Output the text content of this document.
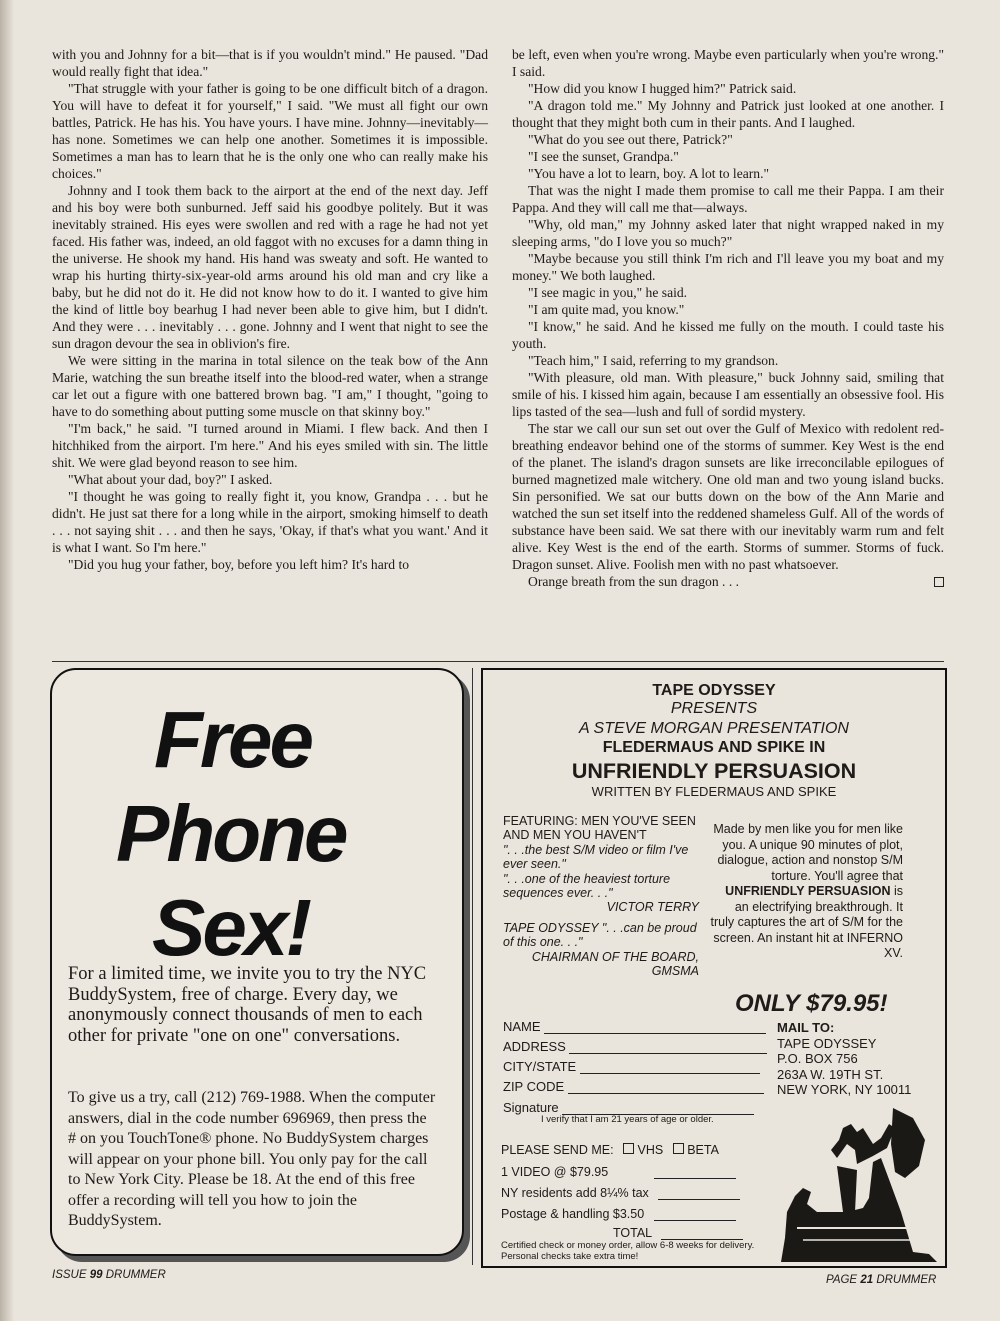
with you and Johnny for a bit—that is if you wouldn't mind." He paused. "Dad would really fight that idea."

"That struggle with your father is going to be one difficult bitch of a dragon. You will have to defeat it for yourself," I said. "We must all fight our own battles, Patrick. He has his. You have yours. I have mine. Johnny—inevitably—has none. Sometimes we can help one another. Sometimes it is impossible. Sometimes a man has to learn that he is the only one who can really make his choices."

Johnny and I took them back to the airport at the end of the next day. Jeff and his boy were both sunburned. Jeff said his goodbye politely. But it was inevitably strained. His eyes were swollen and red with a rage he had not yet faced. His father was, indeed, an old faggot with no excuses for a damn thing in the universe. He shook my hand. His hand was sweaty and soft. He wanted to wrap his hurting thirty-six-year-old arms around his old man and cry like a baby, but he did not do it. He did not know how to do it. I wanted to give him the kind of little boy bearhug I had never been able to give him, but I didn't. And they were . . . inevitably . . . gone. Johnny and I went that night to see the sun dragon devour the sea in oblivion's fire.

We were sitting in the marina in total silence on the teak bow of the Ann Marie, watching the sun breathe itself into the blood-red water, when a strange car let out a figure with one battered brown bag. "I am," I thought, "going to have to do something about putting some muscle on that skinny boy."

"I'm back," he said. "I turned around in Miami. I flew back. And then I hitchhiked from the airport. I'm here." And his eyes smiled with sin. The little shit. We were glad beyond reason to see him.

"What about your dad, boy?" I asked.

"I thought he was going to really fight it, you know, Grandpa . . . but he didn't. He just sat there for a long while in the airport, smoking himself to death . . . not saying shit . . . and then he says, 'Okay, if that's what you want.' And it is what I want. So I'm here."

"Did you hug your father, boy, before you left him? It's hard to

be left, even when you're wrong. Maybe even particularly when you're wrong." I said.

"How did you know I hugged him?" Patrick said.

"A dragon told me." My Johnny and Patrick just looked at one another. I thought that they might both cum in their pants. And I laughed.

"What do you see out there, Patrick?"

"I see the sunset, Grandpa."

"You have a lot to learn, boy. A lot to learn."

That was the night I made them promise to call me their Pappa. I am their Pappa. And they will call me that—always.

"Why, old man," my Johnny asked later that night wrapped naked in my sleeping arms, "do I love you so much?"

"Maybe because you still think I'm rich and I'll leave you my boat and my money." We both laughed.

"I see magic in you," he said.

"I am quite mad, you know."

"I know," he said. And he kissed me fully on the mouth. I could taste his youth.

"Teach him," I said, referring to my grandson.

"With pleasure, old man. With pleasure," buck Johnny said, smiling that smile of his. I kissed him again, because I am essentially an obsessive fool. His lips tasted of the sea—lush and full of sordid mystery.

The star we call our sun set out over the Gulf of Mexico with redolent red-breathing endeavor behind one of the storms of summer. Key West is the end of the planet. The island's dragon sunsets are like irreconcilable epilogues of burned magnetized male witchery. One old man and two young island bucks. Sin personified. We sat our butts down on the bow of the Ann Marie and watched the sun set itself into the reddened shameless Gulf. All of the words of substance have been said. We sat there with our inevitably warm rum and felt alive. Key West is the end of the earth. Storms of summer. Storms of fuck. Dragon sunset. Alive. Foolish men with no past whatsoever.

Orange breath from the sun dragon . . .

Free
Phone
Sex!
For a limited time, we invite you to try the NYC BuddySystem, free of charge. Every day, we anonymously connect thousands of men to each other for private "one on one" conversations.
To give us a try, call (212) 769-1988. When the computer answers, dial in the code number 696969, then press the # on you TouchTone® phone. No BuddySystem charges will appear on your phone bill. You only pay for the call to New York City. Please be 18. At the end of this free offer a recording will tell you how to join the BuddySystem.
TAPE ODYSSEY
PRESENTS
A STEVE MORGAN PRESENTATION
FLEDERMAUS AND SPIKE IN
UNFRIENDLY PERSUASION
WRITTEN BY FLEDERMAUS AND SPIKE
FEATURING: MEN YOU'VE SEEN AND MEN YOU HAVEN'T
". . .the best S/M video or film I've ever seen."
". . .one of the heaviest torture sequences ever. . ."
VICTOR TERRY
TAPE ODYSSEY ". . .can be proud of this one. . ."
CHAIRMAN OF THE BOARD,
GMSMA
Made by men like you for men like you. A unique 90 minutes of plot, dialogue, action and nonstop S/M torture. You'll agree that UNFRIENDLY PERSUASION is an electrifying breakthrough. It truly captures the art of S/M for the screen. An instant hit at INFERNO XV.
ONLY $79.95!
NAME
ADDRESS
CITY/STATE
ZIP CODE
Signature
I verify that I am 21 years of age or older.
MAIL TO:
TAPE ODYSSEY
P.O. BOX 756
263A W. 19TH ST.
NEW YORK, NY 10011
PLEASE SEND ME: VHS BETA
1 VIDEO @ $79.95
NY residents add 8¼% tax
Postage & handling $3.50
TOTAL
Certified check or money order, allow 6-8 weeks for delivery. Personal checks take extra time!
ISSUE 99 DRUMMER	PAGE 21 DRUMMER
